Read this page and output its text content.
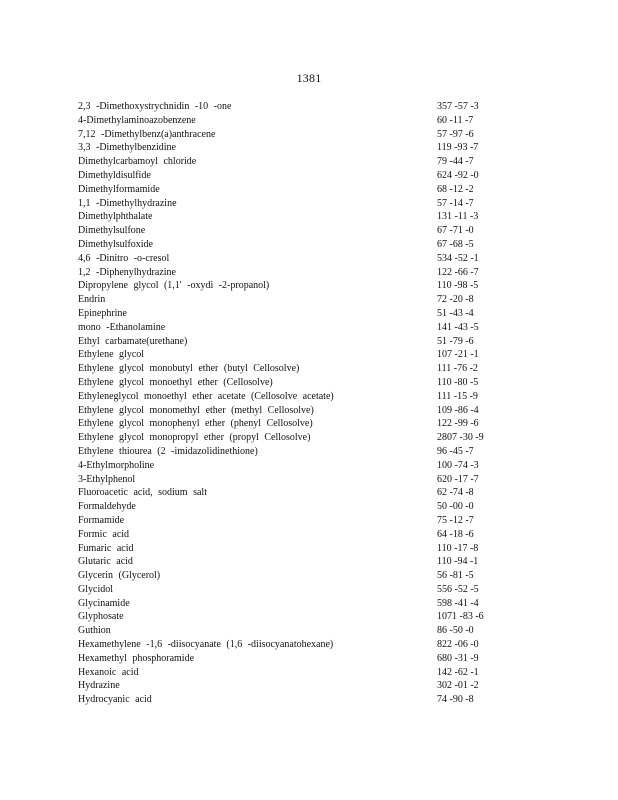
1381
2,3 -Dimethoxystrychnidin -10 -one	357 -57 -3
4-Dimethylaminoazobenzene	60 -11 -7
7,12 -Dimethylbenz(a)anthracene	57 -97 -6
3,3 -Dimethylbenzidine	119 -93 -7
Dimethylcarbamoyl chloride	79 -44 -7
Dimethyldisulfide	624 -92 -0
Dimethylformamide	68 -12 -2
1,1 -Dimethylhydrazine	57 -14 -7
Dimethylphthalate	131 -11 -3
Dimethylsulfone	67 -71 -0
Dimethylsulfoxide	67 -68 -5
4,6 -Dinitro -o-cresol	534 -52 -1
1,2 -Diphenylhydrazine	122 -66 -7
Dipropylene glycol (1,1' -oxydi -2-propanol)	110 -98 -5
Endrin	72 -20 -8
Epinephrine	51 -43 -4
mono -Ethanolamine	141 -43 -5
Ethyl carbamate(urethane)	51 -79 -6
Ethylene glycol	107 -21 -1
Ethylene glycol monobutyl ether (butyl Cellosolve)	111 -76 -2
Ethylene glycol monoethyl ether (Cellosolve)	110 -80 -5
Ethyleneglycol monoethyl ether acetate (Cellosolve acetate)	111 -15 -9
Ethylene glycol monomethyl ether (methyl Cellosolve)	109 -86 -4
Ethylene glycol monophenyl ether (phenyl Cellosolve)	122 -99 -6
Ethylene glycol monopropyl ether (propyl Cellosolve)	2807 -30 -9
Ethylene thiourea (2 -imidazolidinethione)	96 -45 -7
4-Ethylmorpholine	100 -74 -3
3-Ethylphenol	620 -17 -7
Fluoroacetic acid, sodium salt	62 -74 -8
Formaldehyde	50 -00 -0
Formamide	75 -12 -7
Formic acid	64 -18 -6
Fumaric acid	110 -17 -8
Glutaric acid	110 -94 -1
Glycerin (Glycerol)	56 -81 -5
Glycidol	556 -52 -5
Glycinamide	598 -41 -4
Glyphosate	1071 -83 -6
Guthion	86 -50 -0
Hexamethylene -1,6 -diisocyanate (1,6 -diisocyanatohexane)	822 -06 -0
Hexamethyl phosphoramide	680 -31 -9
Hexanoic acid	142 -62 -1
Hydrazine	302 -01 -2
Hydrocyanic acid	74 -90 -8
